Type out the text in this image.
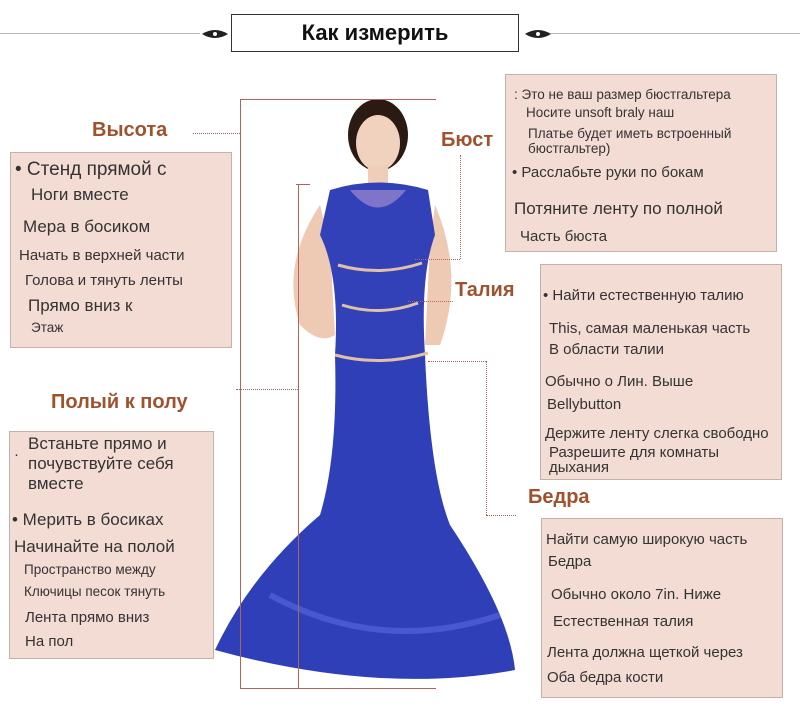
Как измерить
Высота	Бюст
Талия
Полый к полу
Бедра
• Стенд прямой с
Ноги вместе
Мера в босиком
Начать в верхней части
Голова и тянуть ленты
Прямо вниз к
Этаж
·
Встаньте прямо и
почувствуйте себя
вместе
• Мерить в босиках
Начинайте на полой
Пространство между
Ключицы песок тянуть
Лента прямо вниз
На пол
: Это не ваш размер бюстгальтера
Носите unsoft braly наш
Платье будет иметь встроенный
бюстгальтер)
• Расслабьте руки по бокам
Потяните ленту по полной
Часть бюста
• Найти естественную талию
This, самая маленькая часть
В области талии
Обычно о Лин. Выше
Bellybutton
Держите ленту слегка свободно
Разрешите для комнаты
дыхания
Найти самую широкую часть
Бедра
Обычно около 7in. Ниже
Естественная талия
Лента должна щеткой через
Оба бедра кости
